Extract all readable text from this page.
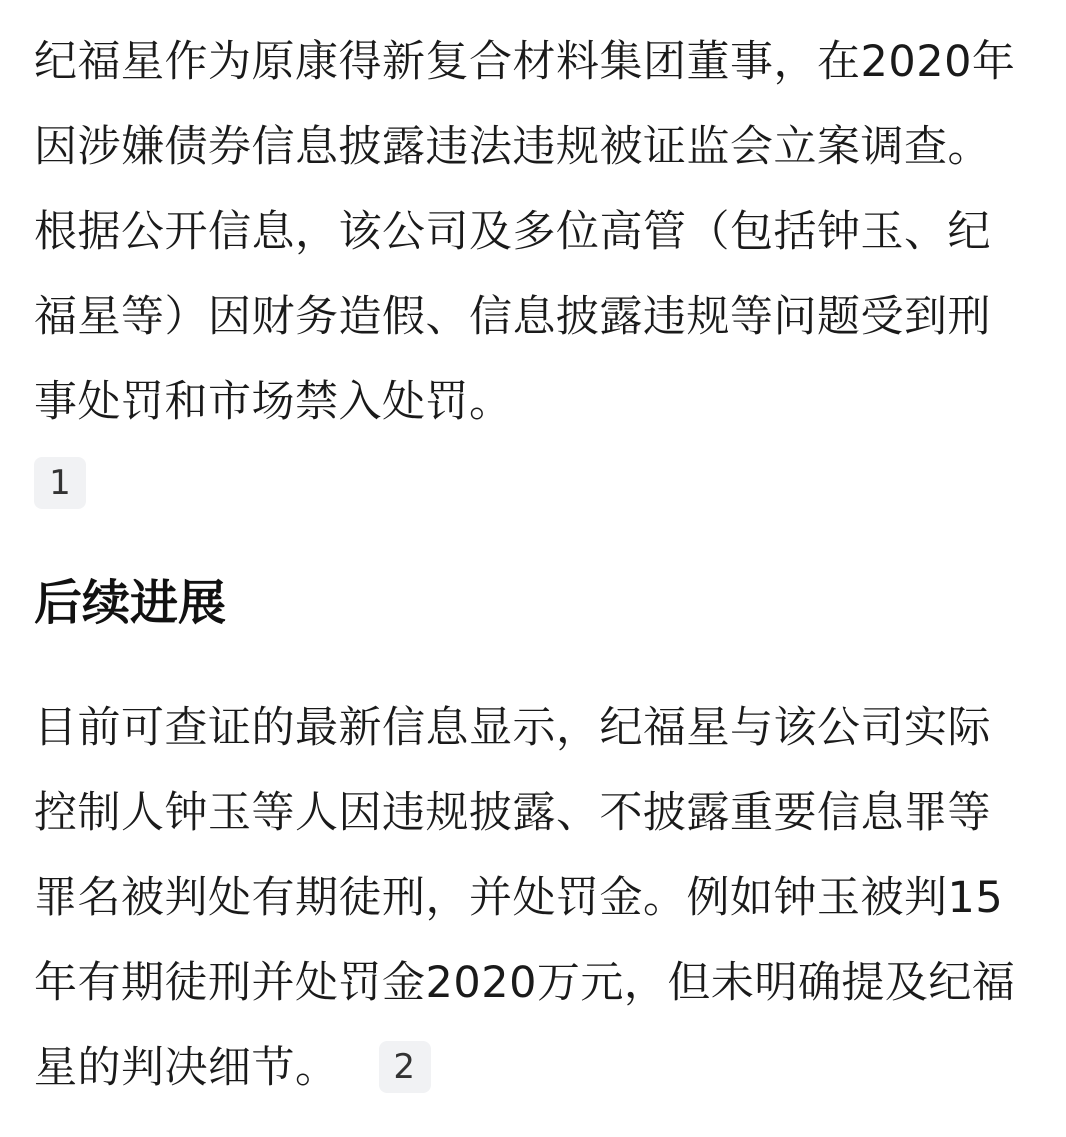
纪福星作为原康得新复合材料集团董事，在2020年因涉嫌债券信息披露违法违规被证监会立案调查。根据公开信息，该公司及多位高管（包括钟玉、纪福星等）因财务造假、信息披露违规等问题受到刑事处罚和市场禁入处罚。

1
后续进展

目前可查证的最新信息显示，纪福星与该公司实际控制人钟玉等人因违规披露、不披露重要信息罪等罪名被判处有期徒刑，并处罚金。例如钟玉被判15年有期徒刑并处罚金2020万元，但未明确提及纪福星的判决细节。 2
